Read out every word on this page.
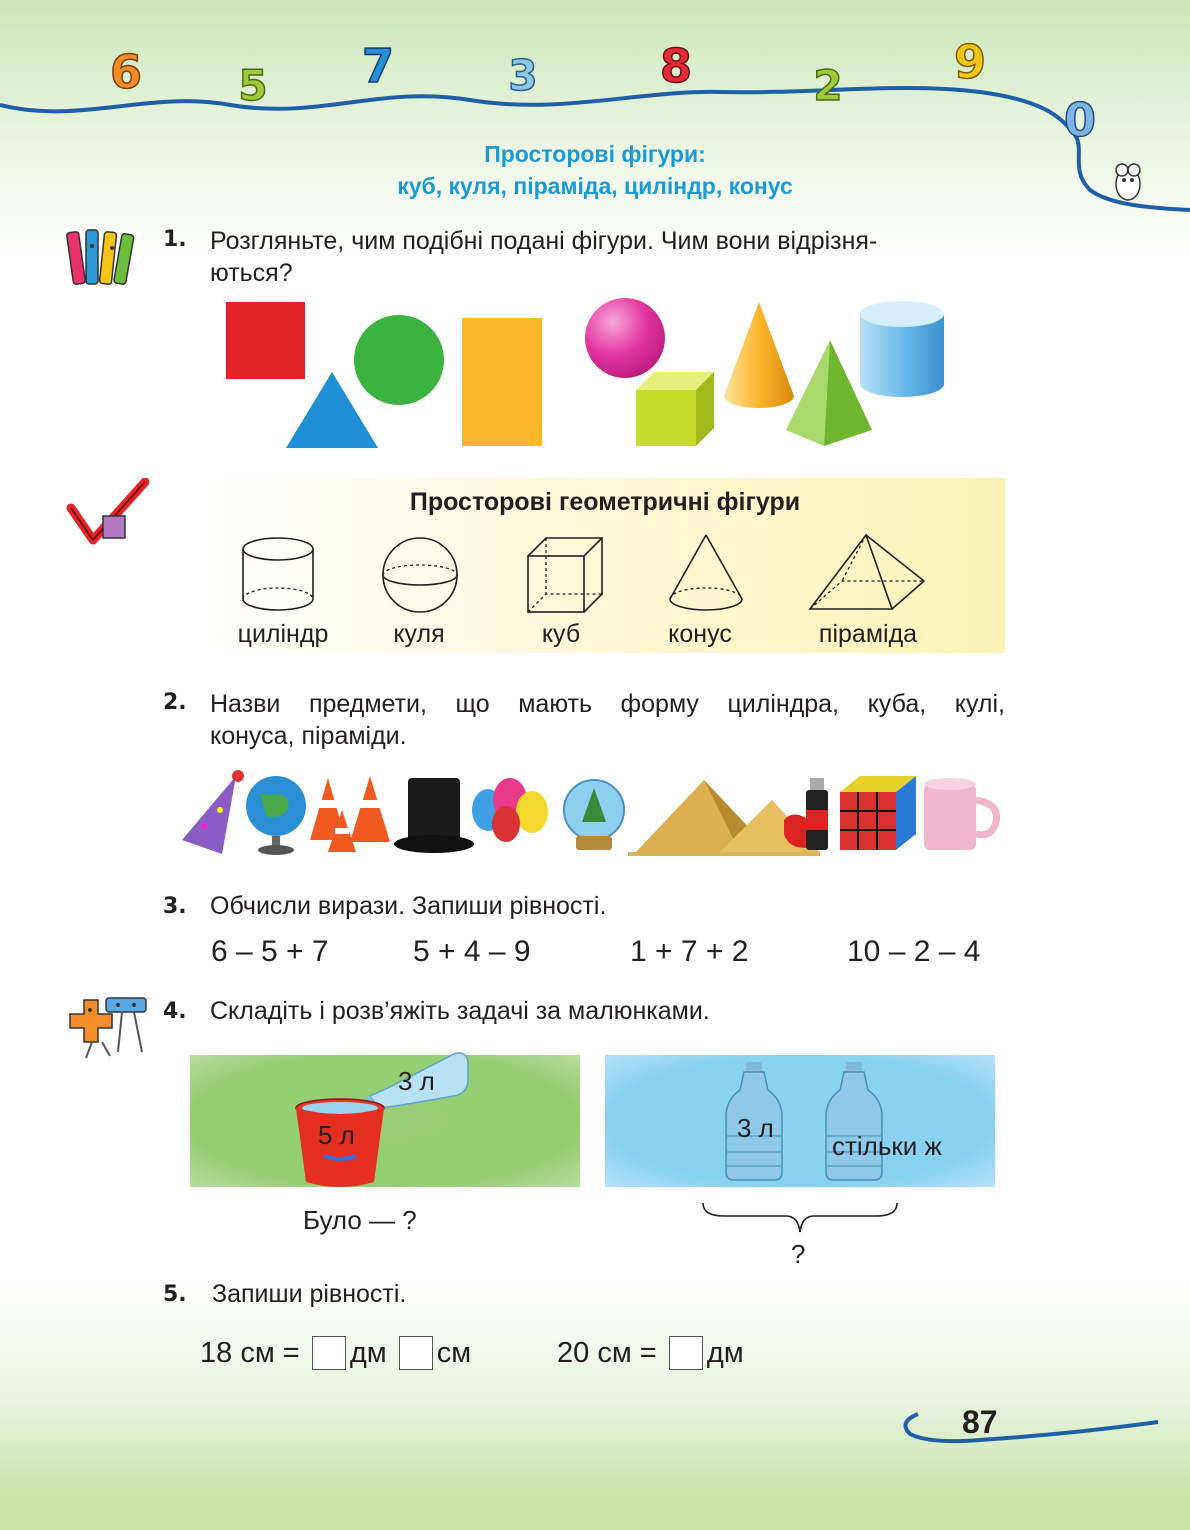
6 5 7	3	8	2 9
0
Просторові фігури:
куб, куля, піраміда, циліндр, конус
1. Розгляньте, чим подібні подані фігури. Чим вони відрізня-
ються?
Просторові геометричні фігури
циліндр	куля	куб	конус	піраміда
2. Назви предмети, що мають форму циліндра, куба, кулі,
конуса, піраміди.
3. Обчисли вирази. Запиши рівності.
6 – 5 + 7	5 + 4 – 9	1 + 7 + 2	10 – 2 – 4
4. Складіть і розв’яжіть задачі за малюнками.
3 л
5 л
Було — ?
3 л
стільки ж
?
5. Запиши рівності.
18 см = дм см	20 см = дм
87
